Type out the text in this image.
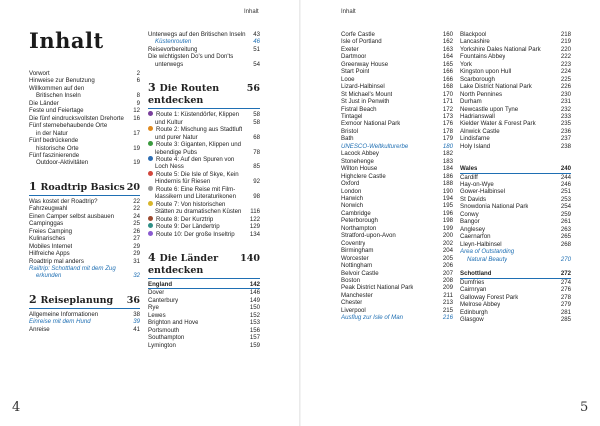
Inhalt	Inhalt
Inhalt
Vorwort	2
Hinweise zur Benutzung	6
Willkommen auf den
Britischen Inseln	8
Die Länder	9
Feste und Feiertage	12
Die fünf eindrucksvollsten Drehorte	16
Fünf sternebehaubende Orte
in der Natur	17
Fünf bedrückende
historische Orte	19
Fünf faszinierende
Outdoor-Aktivitäten	19
1 Roadtrip Basics 20
Was kostet der Roadtrip?	22
Fahrzeugwahl	22
Einen Camper selbst ausbauen	24
Campinggas	25
Freies Camping	26
Kulinarisches	27
Mobiles Internet	29
Hilfreiche Apps	29
Roadtrip mal anders	31
Railtrip: Schottland mit dem Zug
erkunden	32
2 Reiseplanung 36
Allgemeine Informationen	38
Einreise mit dem Hund	39
Anreise	41
Unterwegs auf den Britischen Inseln	43
Küstenrouten	46
Reisevorbereitung	51
Die wichtigsten Do's und Don'ts
unterwegs	54
3 Die Routen entdecken
56
Route 1: Küstendörfer, Klippen	58
und Kultur	58
Route 2: Mischung aus Stadtluft
und purer Natur	68
Route 3: Giganten, Klippen und
lebendige Pubs	78
Route 4: Auf den Spuren von
Loch Ness	85
Route 5: Die Isle of Skye, Kein
Hindernis für Riesen	92
Route 6: Eine Reise mit Film-
klassikern und Literaturikonen	98
Route 7: Von historischen
Stätten zu dramatischen Küsten	116
Route 8: Der Kurztrip	122
Route 9: Der Ländertrip	129
Route 10: Der große Inseltrip	134
4 Die Länder entdecken
140
England	142
Dover	146
Canterbury	149
Rye	150
Lewes	152
Brighton and Hove	153
Portsmouth	156
Southampton	157
Lymington	159
Corfe Castle	160
Isle of Portland	162
Exeter	163
Dartmoor	164
Greenway House	165
Start Point	166
Looe	166
Lizard-Halbinsel	168
St Michael's Mount	170
St Just in Penwith	171
Fistral Beach	172
Tintagel	173
Exmoor National Park	176
Bristol	178
Bath	179
UNESCO-Weltkulturerbe	180
Lacock Abbey	182
Stonehenge	183
Wilton House	184
Highclere Castle	186
Oxford	188
London	190
Harwich	194
Norwich	195
Cambridge	196
Peterborough	198
Northampton	199
Stratford-upon-Avon	200
Coventry	202
Birmingham	204
Worcester	205
Nottingham	206
Belvoir Castle	207
Boston	208
Peak District National Park	209
Manchester	211
Chester	213
Liverpool	215
Ausflug zur Isle of Man	216
Blackpool	218
Lancashire	219
Yorkshire Dales National Park	220
Fountains Abbey	222
York	223
Kingston upon Hull	224
Scarborough	225
Lake District National Park	226
North Pennines	230
Durham	231
Newcastle upon Tyne	232
Hadrianswall	233
Kielder Water & Forest Park	235
Alnwick Castle	236
Lindisfarne	237
Holy Island	238
Wales	240
Cardiff	244
Hay-on-Wye	246
Gower-Halbinsel	251
St Davids	253
Snowdonia National Park	254
Conwy	259
Bangor	261
Anglesey	263
Caernarfon	265
Lleyn-Halbinsel	268
Area of Outstanding
Natural Beauty	270
Schottland	272
Dumfries	274
Cairnryan	276
Galloway Forest Park	278
Melrose Abbey	279
Edinburgh	281
Glasgow	285
4	5
